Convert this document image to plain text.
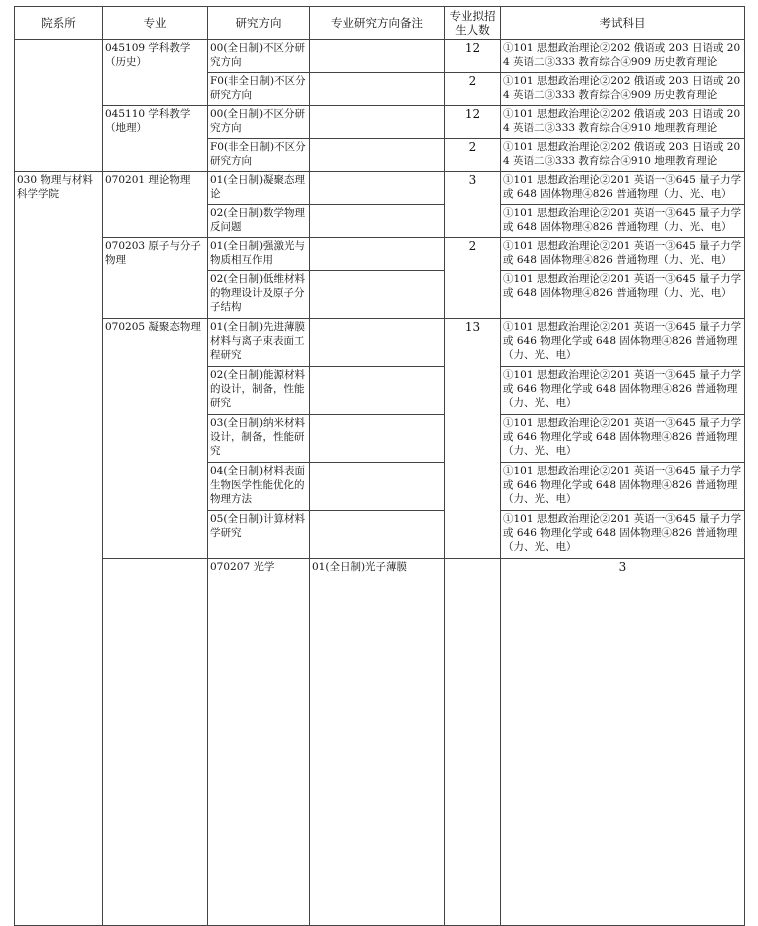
院系所	专业	研究方向	专业研究方向备注	专业拟招生人数	考试科目	
	045109 学科教学（历史）	00(全日制)不区分研究方向		12	①101 思想政治理论②202 俄语或 203 日语或 204 英语二③333 教育综合④909 历史教育理论	
		F0(非全日制)不区分研究方向		2	①101 思想政治理论②202 俄语或 203 日语或 204 英语二③333 教育综合④909 历史教育理论	
	045110 学科教学（地理）	00(全日制)不区分研究方向		12	①101 思想政治理论②202 俄语或 203 日语或 204 英语二③333 教育综合④910 地理教育理论	
		F0(非全日制)不区分研究方向		2	①101 思想政治理论②202 俄语或 203 日语或 204 英语二③333 教育综合④910 地理教育理论	
030 物理与材料科学学院	070201 理论物理	01(全日制)凝聚态理论		3	①101 思想政治理论②201 英语一③645 量子力学或 648 固体物理④826 普通物理（力、光、电）	
		02(全日制)数学物理反问题			①101 思想政治理论②201 英语一③645 量子力学或 648 固体物理④826 普通物理（力、光、电）	
	070203 原子与分子物理	01(全日制)强激光与物质相互作用		2	①101 思想政治理论②201 英语一③645 量子力学或 648 固体物理④826 普通物理（力、光、电）	
		02(全日制)低维材料的物理设计及原子分子结构			①101 思想政治理论②201 英语一③645 量子力学或 648 固体物理④826 普通物理（力、光、电）	
	070205 凝聚态物理	01(全日制)先进薄膜材料与离子束表面工程研究		13	①101 思想政治理论②201 英语一③645 量子力学或 646 物理化学或 648 固体物理④826 普通物理（力、光、电）	
		02(全日制)能源材料的设计，制备，性能研究			①101 思想政治理论②201 英语一③645 量子力学或 646 物理化学或 648 固体物理④826 普通物理（力、光、电）	
		03(全日制)纳米材料设计，制备，性能研究			①101 思想政治理论②201 英语一③645 量子力学或 646 物理化学或 648 固体物理④826 普通物理（力、光、电）	
		04(全日制)材料表面生物医学性能优化的物理方法			①101 思想政治理论②201 英语一③645 量子力学或 646 物理化学或 648 固体物理④826 普通物理（力、光、电）	
		05(全日制)计算材料学研究			①101 思想政治理论②201 英语一③645 量子力学或 646 物理化学或 648 固体物理④826 普通物理（力、光、电）	
		070207 光学	01(全日制)光子薄膜		3	
